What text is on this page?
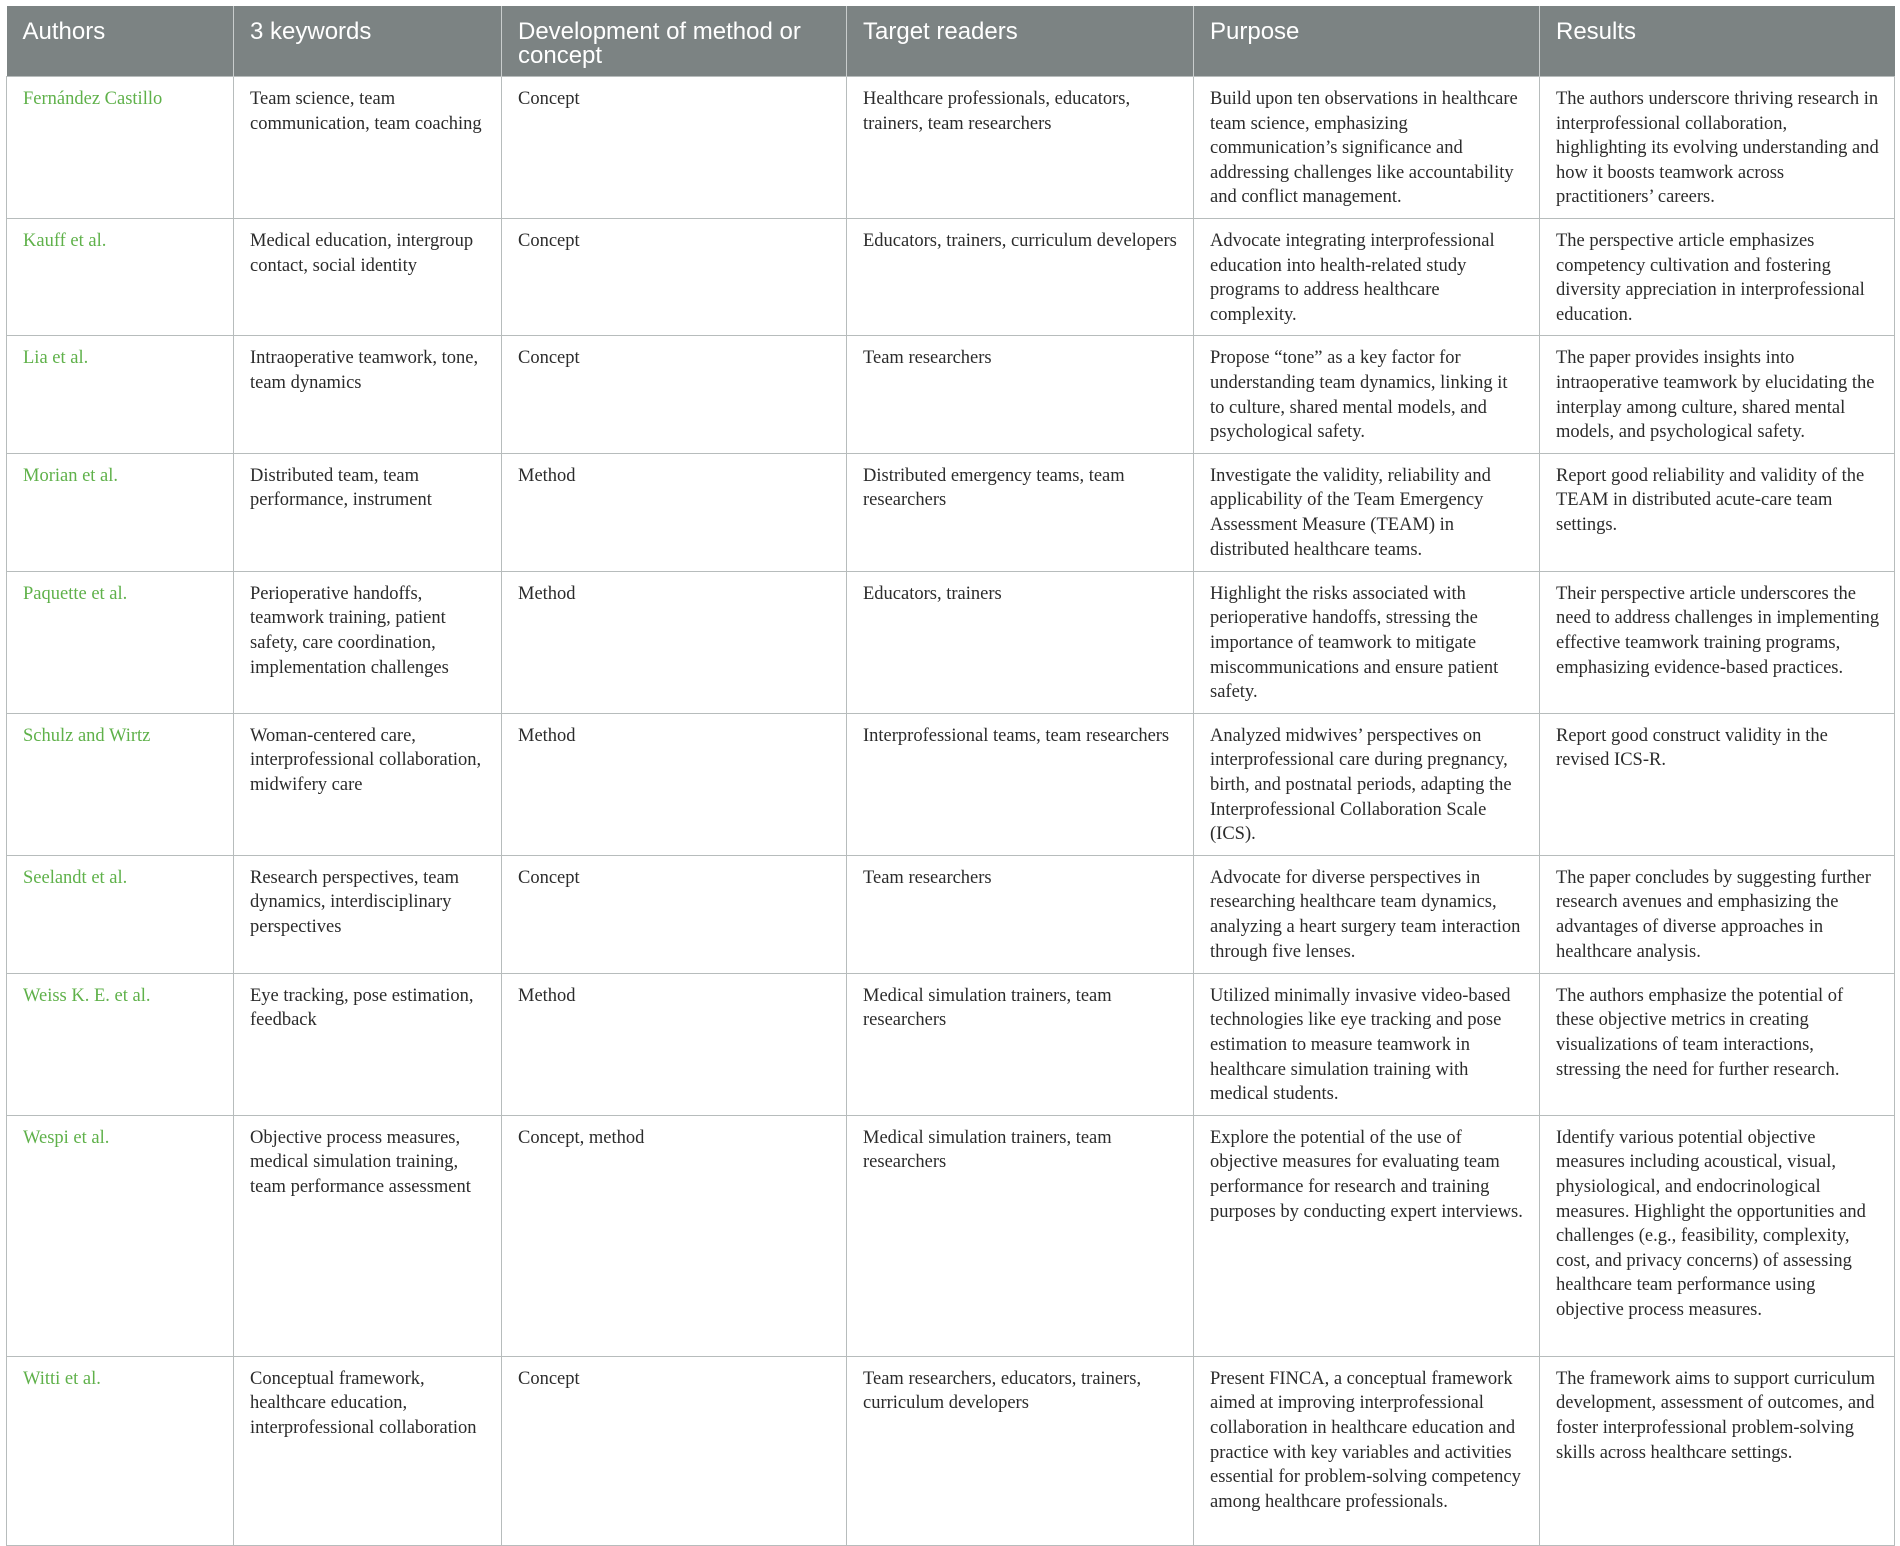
Authors	3 keywords	Development of method or concept	Target readers	Purpose	Results
Fernández Castillo	Team science, team communication, team coaching	Concept	Healthcare professionals, educators, trainers, team researchers	Build upon ten observations in healthcare team science, emphasizing communication’s significance and addressing challenges like accountability and conflict management.	The authors underscore thriving research in interprofessional collaboration, highlighting its evolving understanding and how it boosts teamwork across practitioners’ careers.
Kauff et al.	Medical education, intergroup contact, social identity	Concept	Educators, trainers, curriculum developers	Advocate integrating interprofessional education into health-related study programs to address healthcare complexity.	The perspective article emphasizes competency cultivation and fostering diversity appreciation in interprofessional education.
Lia et al.	Intraoperative teamwork, tone, team dynamics	Concept	Team researchers	Propose “tone” as a key factor for understanding team dynamics, linking it to culture, shared mental models, and psychological safety.	The paper provides insights into intraoperative teamwork by elucidating the interplay among culture, shared mental models, and psychological safety.
Morian et al.	Distributed team, team performance, instrument	Method	Distributed emergency teams, team researchers	Investigate the validity, reliability and applicability of the Team Emergency Assessment Measure (TEAM) in distributed healthcare teams.	Report good reliability and validity of the TEAM in distributed acute-care team settings.
Paquette et al.	Perioperative handoffs, teamwork training, patient safety, care coordination, implementation challenges	Method	Educators, trainers	Highlight the risks associated with perioperative handoffs, stressing the importance of teamwork to mitigate miscommunications and ensure patient safety.	Their perspective article underscores the need to address challenges in implementing effective teamwork training programs, emphasizing evidence-based practices.
Schulz and Wirtz	Woman-centered care, interprofessional collaboration, midwifery care	Method	Interprofessional teams, team researchers	Analyzed midwives’ perspectives on interprofessional care during pregnancy, birth, and postnatal periods, adapting the Interprofessional Collaboration Scale (ICS).	Report good construct validity in the revised ICS-R.
Seelandt et al.	Research perspectives, team dynamics, interdisciplinary perspectives	Concept	Team researchers	Advocate for diverse perspectives in researching healthcare team dynamics, analyzing a heart surgery team interaction through five lenses.	The paper concludes by suggesting further research avenues and emphasizing the advantages of diverse approaches in healthcare analysis.
Weiss K. E. et al.	Eye tracking, pose estimation, feedback	Method	Medical simulation trainers, team researchers	Utilized minimally invasive video-based technologies like eye tracking and pose estimation to measure teamwork in healthcare simulation training with medical students.	The authors emphasize the potential of these objective metrics in creating visualizations of team interactions, stressing the need for further research.
Wespi et al.	Objective process measures, medical simulation training, team performance assessment	Concept, method	Medical simulation trainers, team researchers	Explore the potential of the use of objective measures for evaluating team performance for research and training purposes by conducting expert interviews.	Identify various potential objective measures including acoustical, visual, physiological, and endocrinological measures. Highlight the opportunities and challenges (e.g., feasibility, complexity, cost, and privacy concerns) of assessing healthcare team performance using objective process measures.
Witti et al.	Conceptual framework, healthcare education, interprofessional collaboration	Concept	Team researchers, educators, trainers, curriculum developers	Present FINCA, a conceptual framework aimed at improving interprofessional collaboration in healthcare education and practice with key variables and activities essential for problem-solving competency among healthcare professionals.	The framework aims to support curriculum development, assessment of outcomes, and foster interprofessional problem-solving skills across healthcare settings.
